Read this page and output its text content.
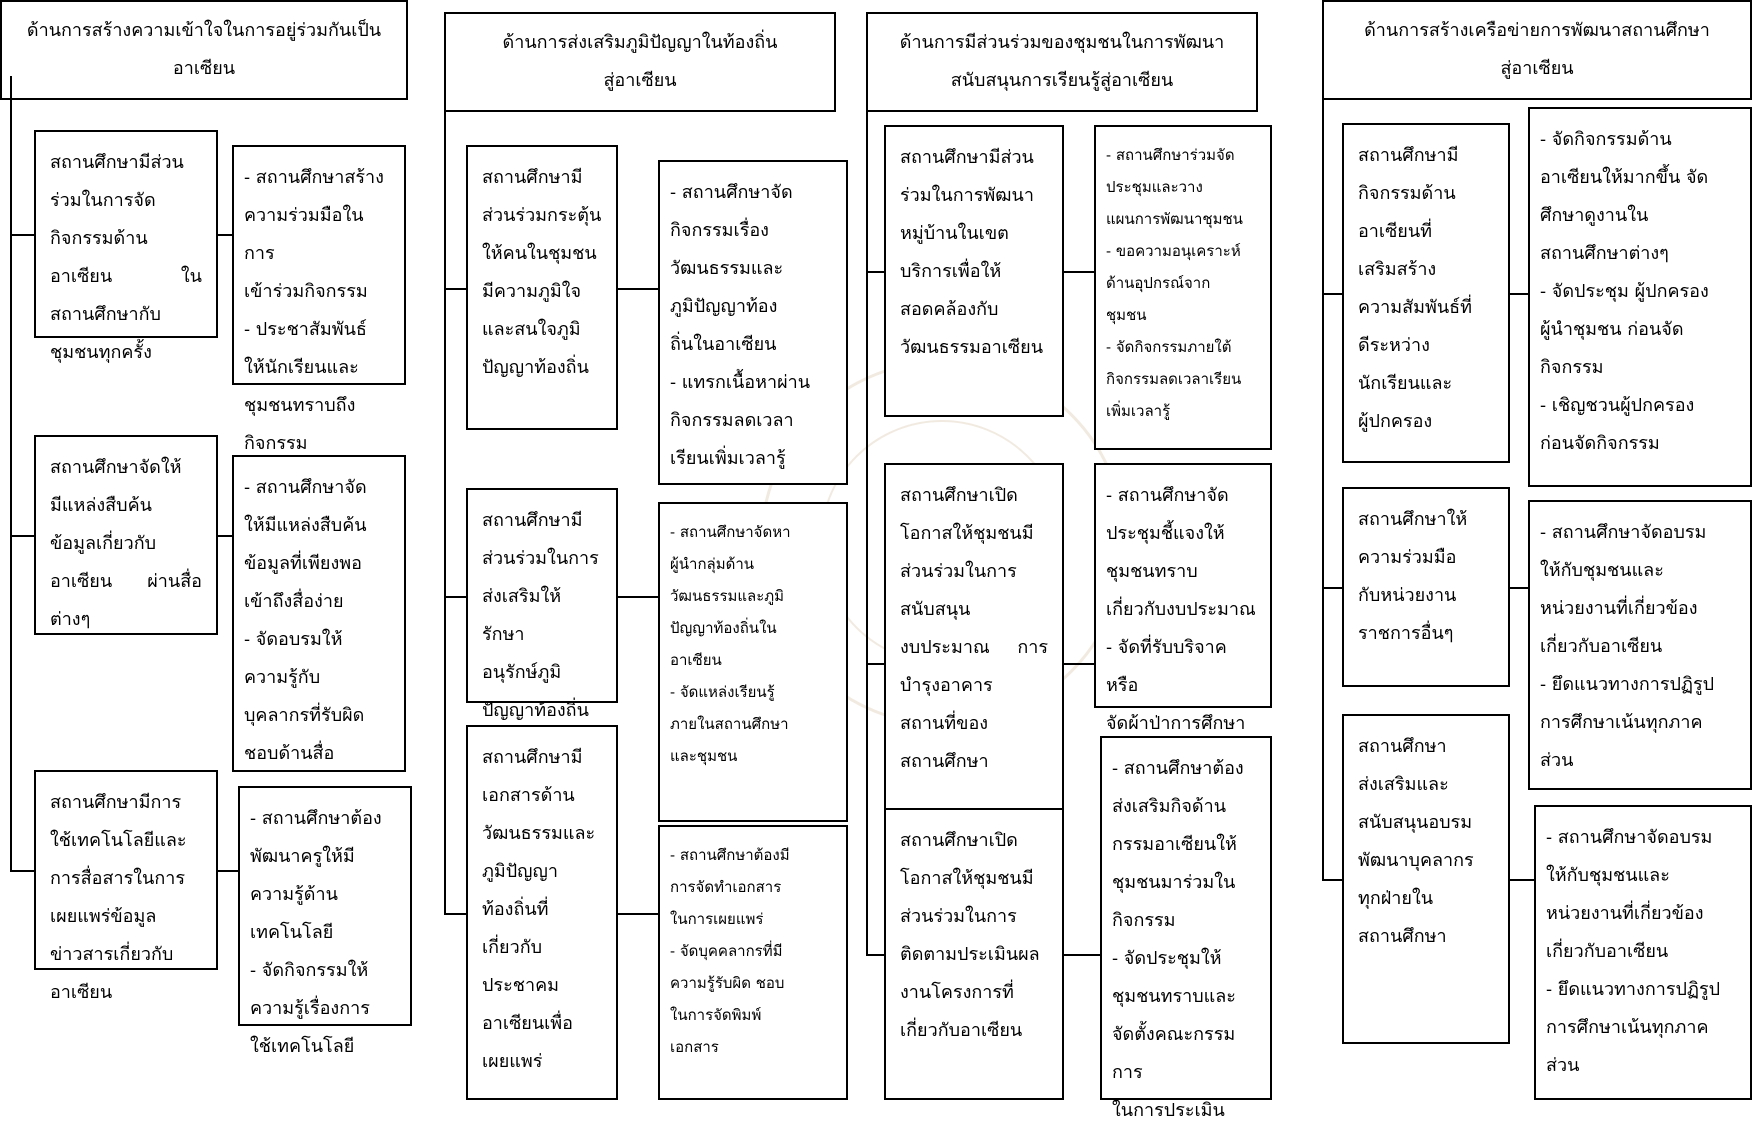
ด้านการสร้างความเข้าใจในการอยู่ร่วมกันเป็น
อาเซียน
สถานศึกษามีส่วน
ร่วมในการจัด
กิจกรรมด้าน
อาเซียน ใน
สถานศึกษากับ
ชุมชนทุกครั้ง
- สถานศึกษาสร้าง
ความร่วมมือในการ
เข้าร่วมกิจกรรม
- ประชาสัมพันธ์
ให้นักเรียนและ
ชุมชนทราบถึง
กิจกรรม
สถานศึกษาจัดให้
มีแหล่งสืบค้น
ข้อมูลเกี่ยวกับ
อาเซียน ผ่านสื่อ
ต่างๆ
- สถานศึกษาจัด
ให้มีแหล่งสืบค้น
ข้อมูลที่เพียงพอ
เข้าถึงสื่อง่าย
- จัดอบรมให้
ความรู้กับ
บุคลากรที่รับผิด
ชอบด้านสื่อ
สถานศึกษามีการ
ใช้เทคโนโลยีและ
การสื่อสารในการ
เผยแพร่ข้อมูล
ข่าวสารเกี่ยวกับ
อาเซียน
- สถานศึกษาต้อง
พัฒนาครูให้มี
ความรู้ด้าน
เทคโนโลยี
- จัดกิจกรรมให้
ความรู้เรื่องการ
ใช้เทคโนโลยี
ด้านการส่งเสริมภูมิปัญญาในท้องถิ่น
สู่อาเซียน
สถานศึกษามี
ส่วนร่วมกระตุ้น
ให้คนในชุมชน
มีความภูมิใจ
และสนใจภูมิ
ปัญญาท้องถิ่น
- สถานศึกษาจัด
กิจกรรมเรื่อง
วัฒนธรรมและ
ภูมิปัญญาท้อง
ถิ่นในอาเซียน
- แทรกเนื้อหาผ่าน
กิจกรรมลดเวลา
เรียนเพิ่มเวลารู้
สถานศึกษามี
ส่วนร่วมในการ
ส่งเสริมให้รักษา
อนุรักษ์ภูมิ
ปัญญาท้องถิ่น
- สถานศึกษาจัดหา
ผู้นำกลุ่มด้าน
วัฒนธรรมและภูมิ
ปัญญาท้องถิ่นใน
อาเซียน
- จัดแหล่งเรียนรู้
ภายในสถานศึกษา
และชุมชน
สถานศึกษามี
เอกสารด้าน
วัฒนธรรมและ
ภูมิปัญญา
ท้องถิ่นที่
เกี่ยวกับ
ประชาคม
อาเซียนเพื่อ
เผยแพร่
- สถานศึกษาต้องมี
การจัดทำเอกสาร
ในการเผยแพร่
- จัดบุคคลากรที่มี
ความรู้รับผิด ชอบ
ในการจัดพิมพ์
เอกสาร
ด้านการมีส่วนร่วมของชุมชนในการพัฒนา
สนับสนุนการเรียนรู้สู่อาเซียน
สถานศึกษามีส่วน
ร่วมในการพัฒนา
หมู่บ้านในเขต
บริการเพื่อให้
สอดคล้องกับ
วัฒนธรรมอาเซียน
- สถานศึกษาร่วมจัด
ประชุมและวาง
แผนการพัฒนาชุมชน
- ขอความอนุเคราะห์
ด้านอุปกรณ์จาก
ชุมชน
- จัดกิจกรรมภายใต้
กิจกรรมลดเวลาเรียน
เพิ่มเวลารู้
สถานศึกษาเปิด
โอกาสให้ชุมชนมี
ส่วนร่วมในการ
สนับสนุน
งบประมาณ การ
บำรุงอาคาร
สถานที่ของ
สถานศึกษา
- สถานศึกษาจัด
ประชุมชี้แจงให้
ชุมชนทราบ
เกี่ยวกับงบประมาณ
- จัดที่รับบริจาค หรือ
จัดผ้าป่าการศึกษา
สถานศึกษาเปิด
โอกาสให้ชุมชนมี
ส่วนร่วมในการ
ติดตามประเมินผล
งานโครงการที่
เกี่ยวกับอาเซียน
- สถานศึกษาต้อง
ส่งเสริมกิจด้าน
กรรมอาเซียนให้
ชุมชนมาร่วมใน
กิจกรรม
- จัดประชุมให้
ชุมชนทราบและ
จัดตั้งคณะกรรม การ
ในการประเมิน
ด้านการสร้างเครือข่ายการพัฒนาสถานศึกษา
สู่อาเซียน
สถานศึกษามี
กิจกรรมด้าน
อาเซียนที่
เสริมสร้าง
ความสัมพันธ์ที่
ดีระหว่าง
นักเรียนและ
ผู้ปกครอง
- จัดกิจกรรมด้าน
อาเซียนให้มากขึ้น จัด
ศึกษาดูงานใน
สถานศึกษาต่างๆ
- จัดประชุม ผู้ปกครอง
ผู้นำชุมชน ก่อนจัด
กิจกรรม
- เชิญชวนผู้ปกครอง
ก่อนจัดกิจกรรม
สถานศึกษาให้
ความร่วมมือ
กับหน่วยงาน
ราชการอื่นๆ
- สถานศึกษาจัดอบรม
ให้กับชุมชนและ
หน่วยงานที่เกี่ยวข้อง
เกี่ยวกับอาเซียน
- ยึดแนวทางการปฏิรูป
การศึกษาเน้นทุกภาค
ส่วน
สถานศึกษา
ส่งเสริมและ
สนับสนุนอบรม
พัฒนาบุคลากร
ทุกฝ่ายใน
สถานศึกษา
- สถานศึกษาจัดอบรม
ให้กับชุมชนและ
หน่วยงานที่เกี่ยวข้อง
เกี่ยวกับอาเซียน
- ยึดแนวทางการปฏิรูป
การศึกษาเน้นทุกภาค
ส่วน
